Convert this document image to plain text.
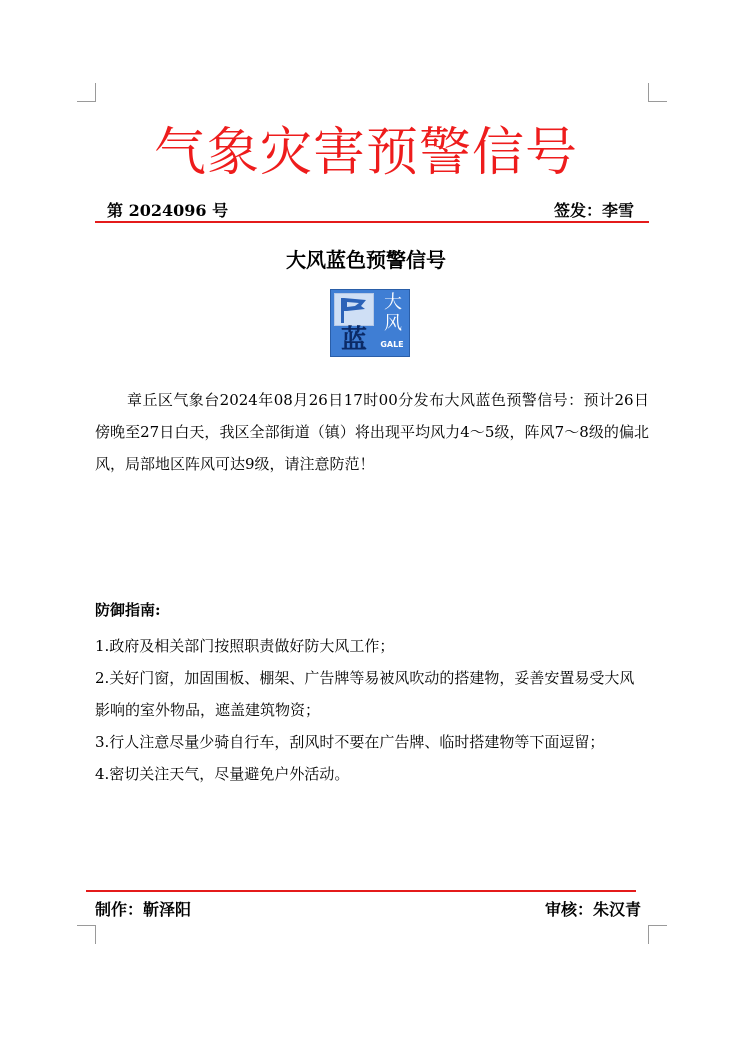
气象灾害预警信号
第 2024096 号	签发：李雪
大风蓝色预警信号
蓝
大
风
GALE
章丘区气象台2024年08月26日17时00分发布大风蓝色预警信号：预计26日傍晚至27日白天，我区全部街道（镇）将出现平均风力4～5级，阵风7～8级的偏北风，局部地区阵风可达9级，请注意防范！
防御指南:
1.政府及相关部门按照职责做好防大风工作；
2.关好门窗，加固围板、棚架、广告牌等易被风吹动的搭建物，妥善安置易受大风影响的室外物品，遮盖建筑物资；
3.行人注意尽量少骑自行车，刮风时不要在广告牌、临时搭建物等下面逗留；
4.密切关注天气，尽量避免户外活动。
制作：靳泽阳	审核：朱汉青
